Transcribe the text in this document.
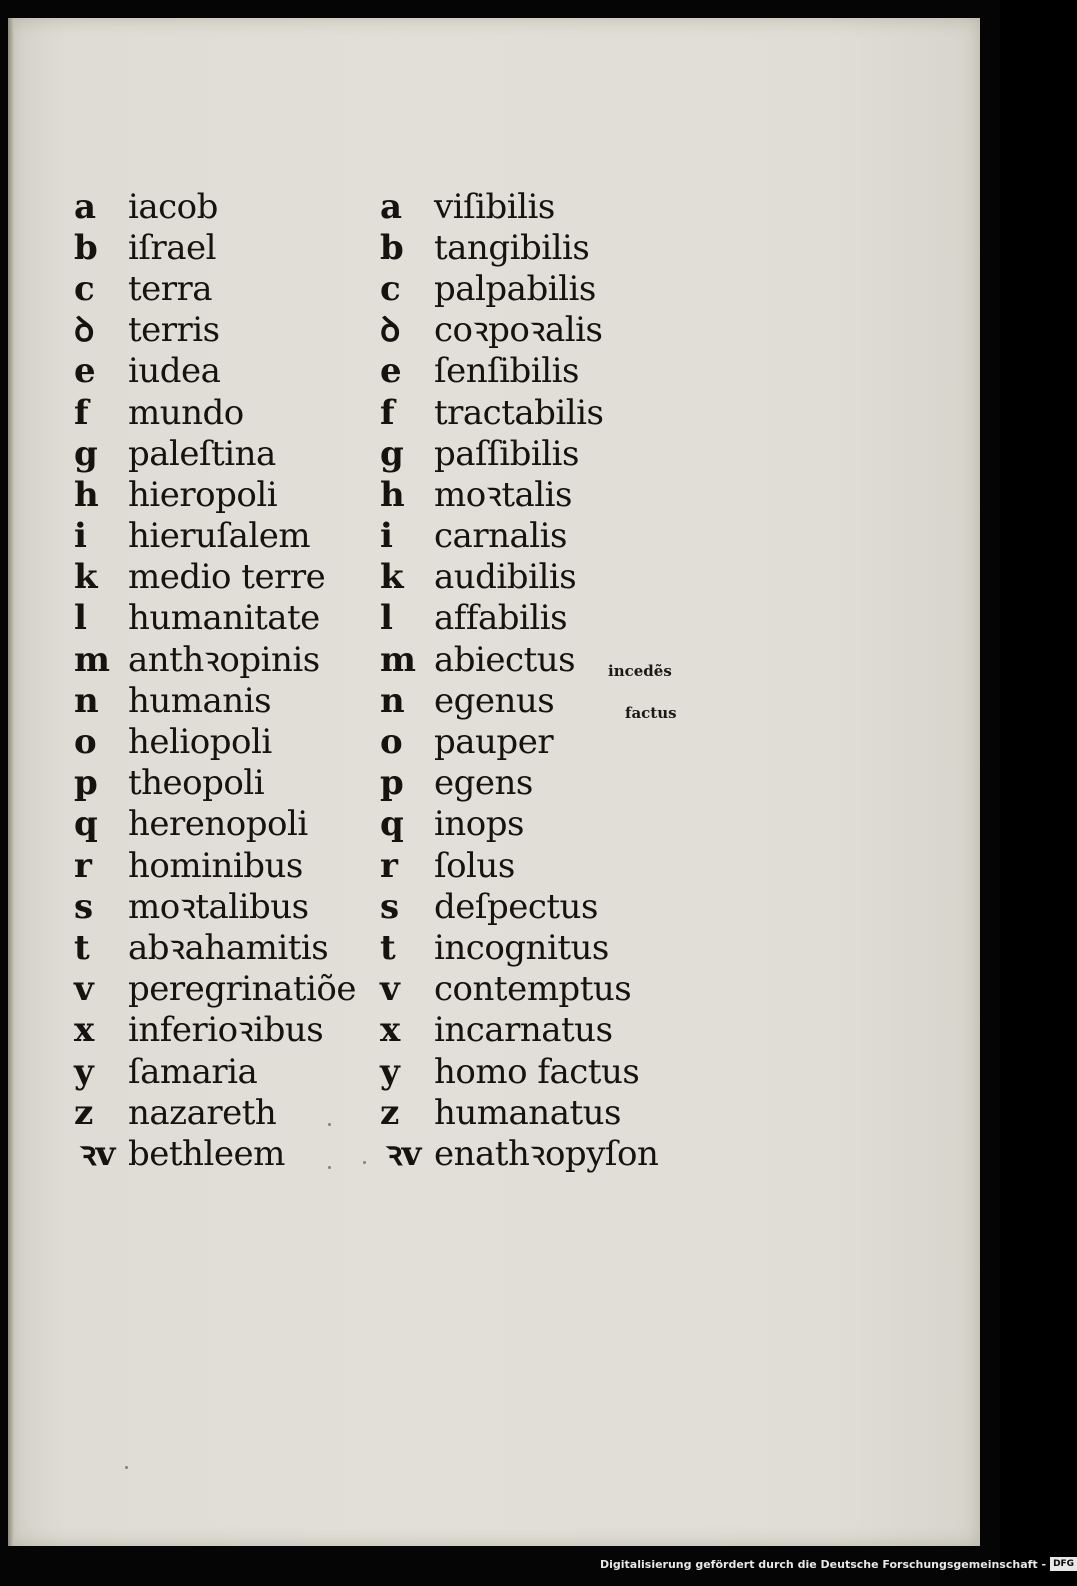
a iacob
b iſrael
c terra
ꝺ	terris
e iudea
f	mundo
g paleſtina
h hieropoli
i	hieruſalem
k medio terre
l	humanitate
m anthꝛopinis
n humanis
o heliopoli
p theopoli
q herenopoli
r	hominibus
s	moꝛtalibus
t	abꝛahamitis
v	peregrinatiõe
x	inferioꝛibus
y	ſamaria
z	nazareth
ꝛv bethleem
a viſibilis
b tangibilis
c palpabilis
ꝺ	coꝛpoꝛalis
e ſenſibilis
f	tractabilis
g paſſibilis
h moꝛtalis
i	carnalis
k audibilis
l	affabilis
m abiectus
n egenus
o pauper
p egens
q inops
r	ſolus
s	deſpectus
t	incognitus
v	contemptus
x	incarnatus
y	homo factus
z	humanatus
ꝛv enathꝛopyſon
incedẽs
factus
Digitalisierung gefördert durch die Deutsche Forschungsgemeinschaft - DFG
